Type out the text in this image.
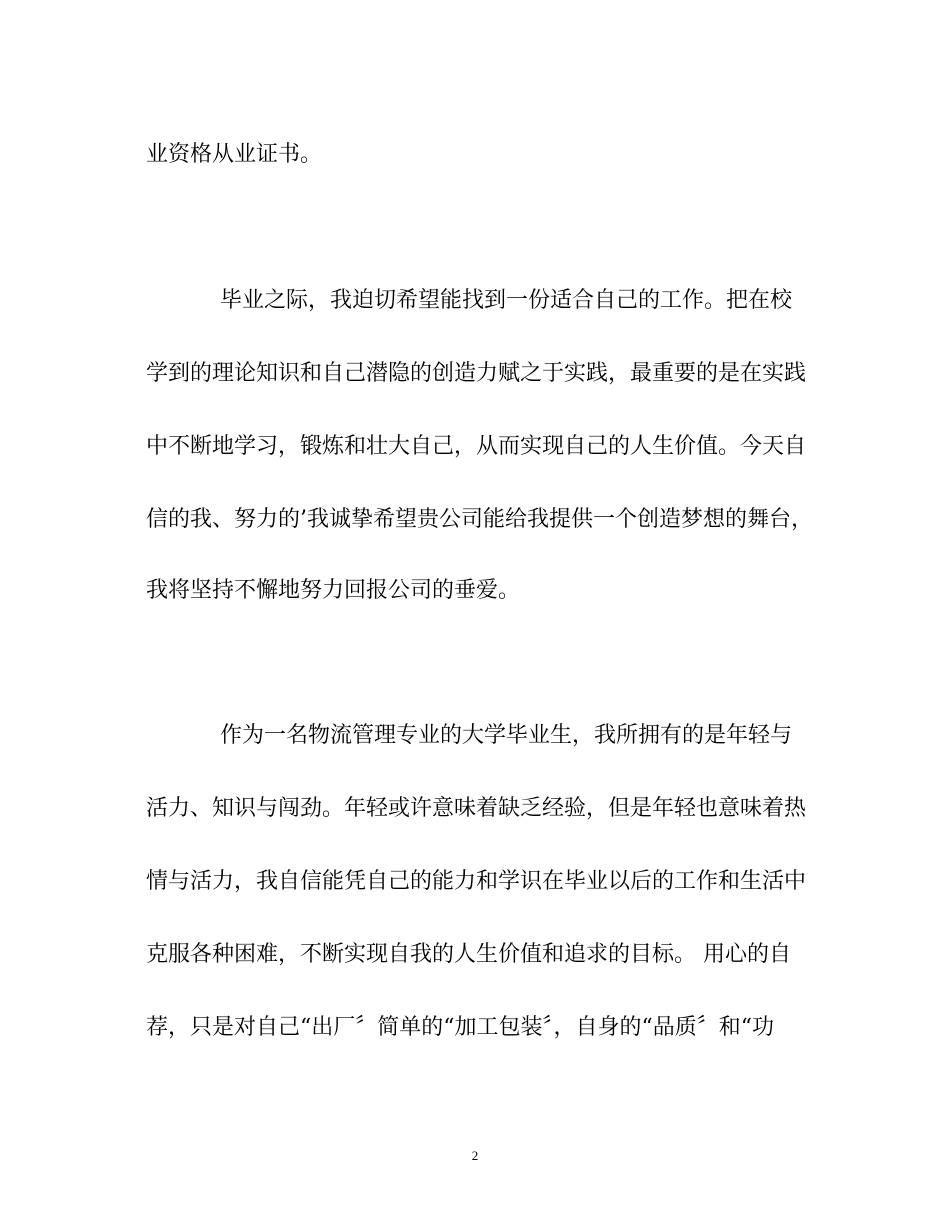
业资格从业证书。
毕业之际，我迫切希望能找到一份适合自己的工作。把在校
学到的理论知识和自己潜隐的创造力赋之于实践，最重要的是在实践
中不断地学习，锻炼和壮大自己，从而实现自己的人生价值。今天自
信的我、努力的’我诚挚希望贵公司能给我提供一个创造梦想的舞台，
我将坚持不懈地努力回报公司的垂爱。
作为一名物流管理专业的大学毕业生，我所拥有的是年轻与
活力、知识与闯劲。年轻或许意味着缺乏经验，但是年轻也意味着热
情与活力，我自信能凭自己的能力和学识在毕业以后的工作和生活中
克服各种困难，不断实现自我的人生价值和追求的目标。 用心的自
荐，只是对自己“出厂〞简单的“加工包装〞，自身的“品质〞和“功
2
